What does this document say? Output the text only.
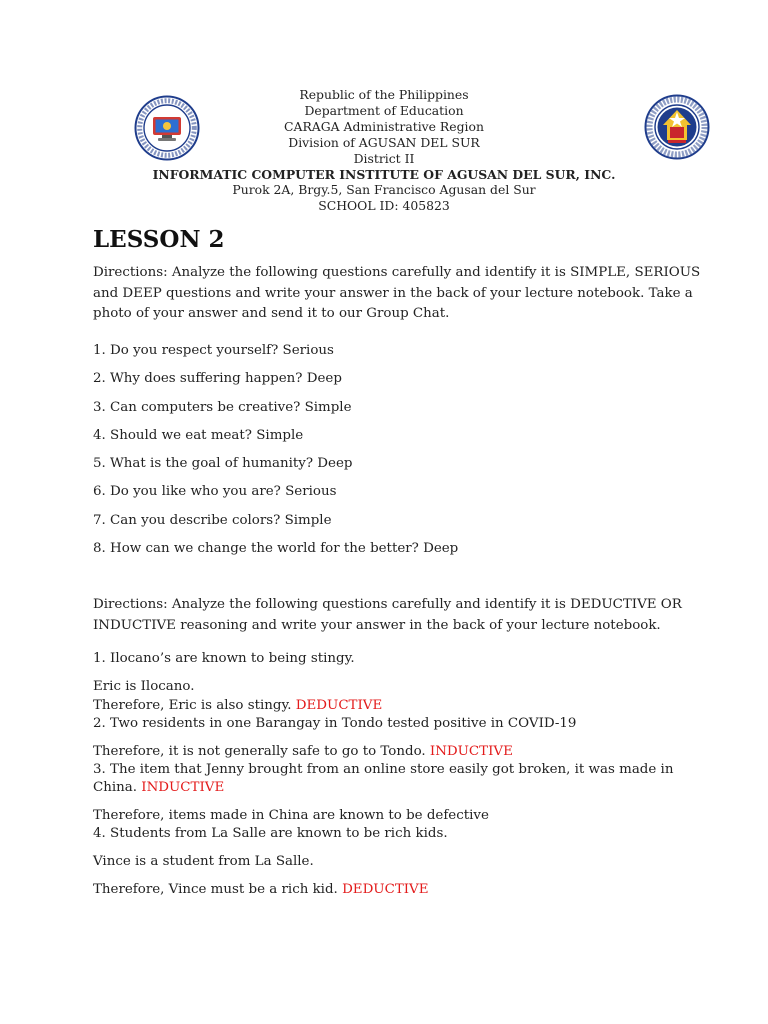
Republic of the Philippines
Department of Education
CARAGA Administrative Region
Division of AGUSAN DEL SUR
District II
INFORMATIC COMPUTER INSTITUTE OF AGUSAN DEL SUR, INC.
Purok 2A, Brgy.5, San Francisco Agusan del Sur
SCHOOL ID: 405823
LESSON 2

Directions: Analyze the following questions carefully and identify it is SIMPLE, SERIOUS

and DEEP questions and write your answer in the back of your lecture notebook. Take a

photo of your answer and send it to our Group Chat.

1. Do you respect yourself? Serious

2. Why does suffering happen? Deep

3. Can computers be creative? Simple

4. Should we eat meat? Simple

5. What is the goal of humanity? Deep

6. Do you like who you are? Serious

7. Can you describe colors? Simple

8. How can we change the world for the better? Deep

Directions: Analyze the following questions carefully and identify it is DEDUCTIVE OR

INDUCTIVE reasoning and write your answer in the back of your lecture notebook.

1. Ilocano’s are known to being stingy.

Eric is Ilocano.

Therefore, Eric is also stingy. DEDUCTIVE

2. Two residents in one Barangay in Tondo tested positive in COVID-19

Therefore, it is not generally safe to go to Tondo. INDUCTIVE

3. The item that Jenny brought from an online store easily got broken, it was made in

China. INDUCTIVE

Therefore, items made in China are known to be defective

4. Students from La Salle are known to be rich kids.

Vince is a student from La Salle.

Therefore, Vince must be a rich kid. DEDUCTIVE
